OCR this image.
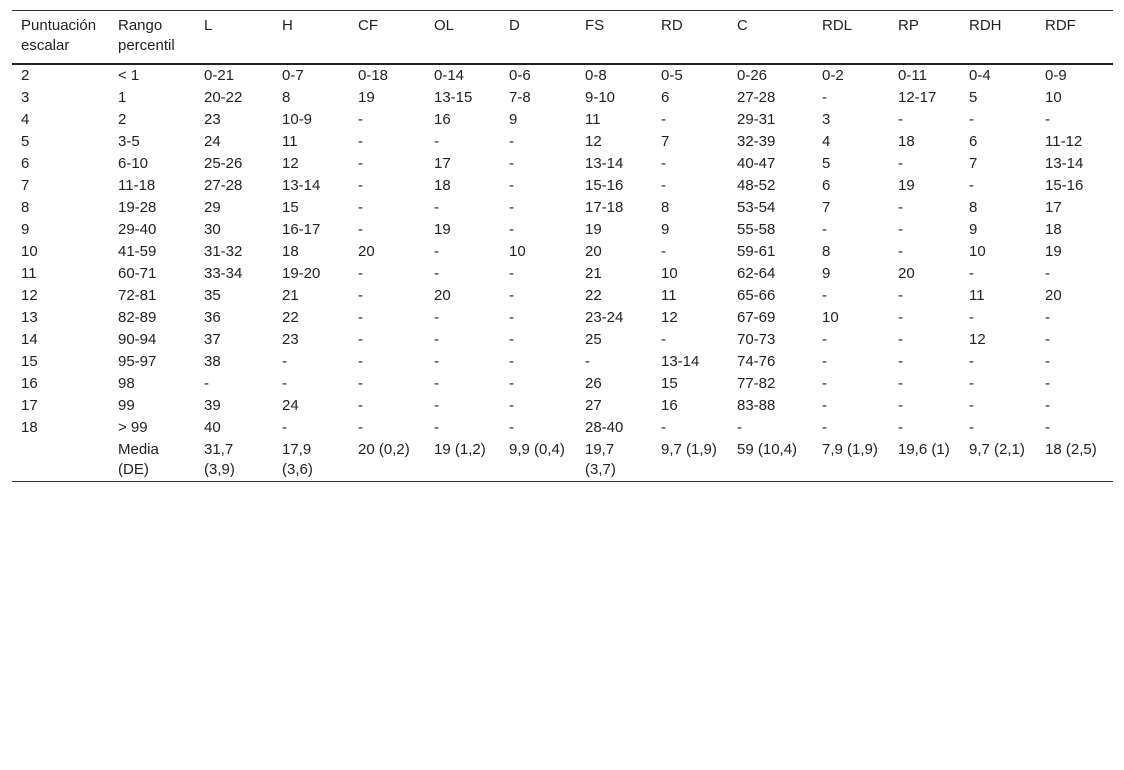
Puntuación escalar	Rango percentil	L	H	CF	OL	D	FS	RD	C	RDL	RP	RDH	RDF
2	< 1	0-21	0-7	0-18	0-14	0-6	0-8	0-5	0-26	0-2	0-11	0-4	0-9
3	1	20-22	8	19	13-15	7-8	9-10	6	27-28	-	12-17	5	10
4	2	23	10-9	-	16	9	11	-	29-31	3	-	-	-
5	3-5	24	11	-	-	-	12	7	32-39	4	18	6	11-12
6	6-10	25-26	12	-	17	-	13-14	-	40-47	5	-	7	13-14
7	11-18	27-28	13-14	-	18	-	15-16	-	48-52	6	19	-	15-16
8	19-28	29	15	-	-	-	17-18	8	53-54	7	-	8	17
9	29-40	30	16-17	-	19	-	19	9	55-58	-	-	9	18
10	41-59	31-32	18	20	-	10	20	-	59-61	8	-	10	19
11	60-71	33-34	19-20	-	-	-	21	10	62-64	9	20	-	-
12	72-81	35	21	-	20	-	22	11	65-66	-	-	11	20
13	82-89	36	22	-	-	-	23-24	12	67-69	10	-	-	-
14	90-94	37	23	-	-	-	25	-	70-73	-	-	12	-
15	95-97	38	-	-	-	-	-	13-14	74-76	-	-	-	-
16	98	-	-	-	-	-	26	15	77-82	-	-	-	-
17	99	39	24	-	-	-	27	16	83-88	-	-	-	-
18	> 99	40	-	-	-	-	28-40	-	-	-	-	-	-
	Media (DE)	31,7 (3,9)	17,9 (3,6)	20 (0,2)	19 (1,2)	9,9 (0,4)	19,7 (3,7)	9,7 (1,9)	59 (10,4)	7,9 (1,9)	19,6 (1)	9,7 (2,1)	18 (2,5)
